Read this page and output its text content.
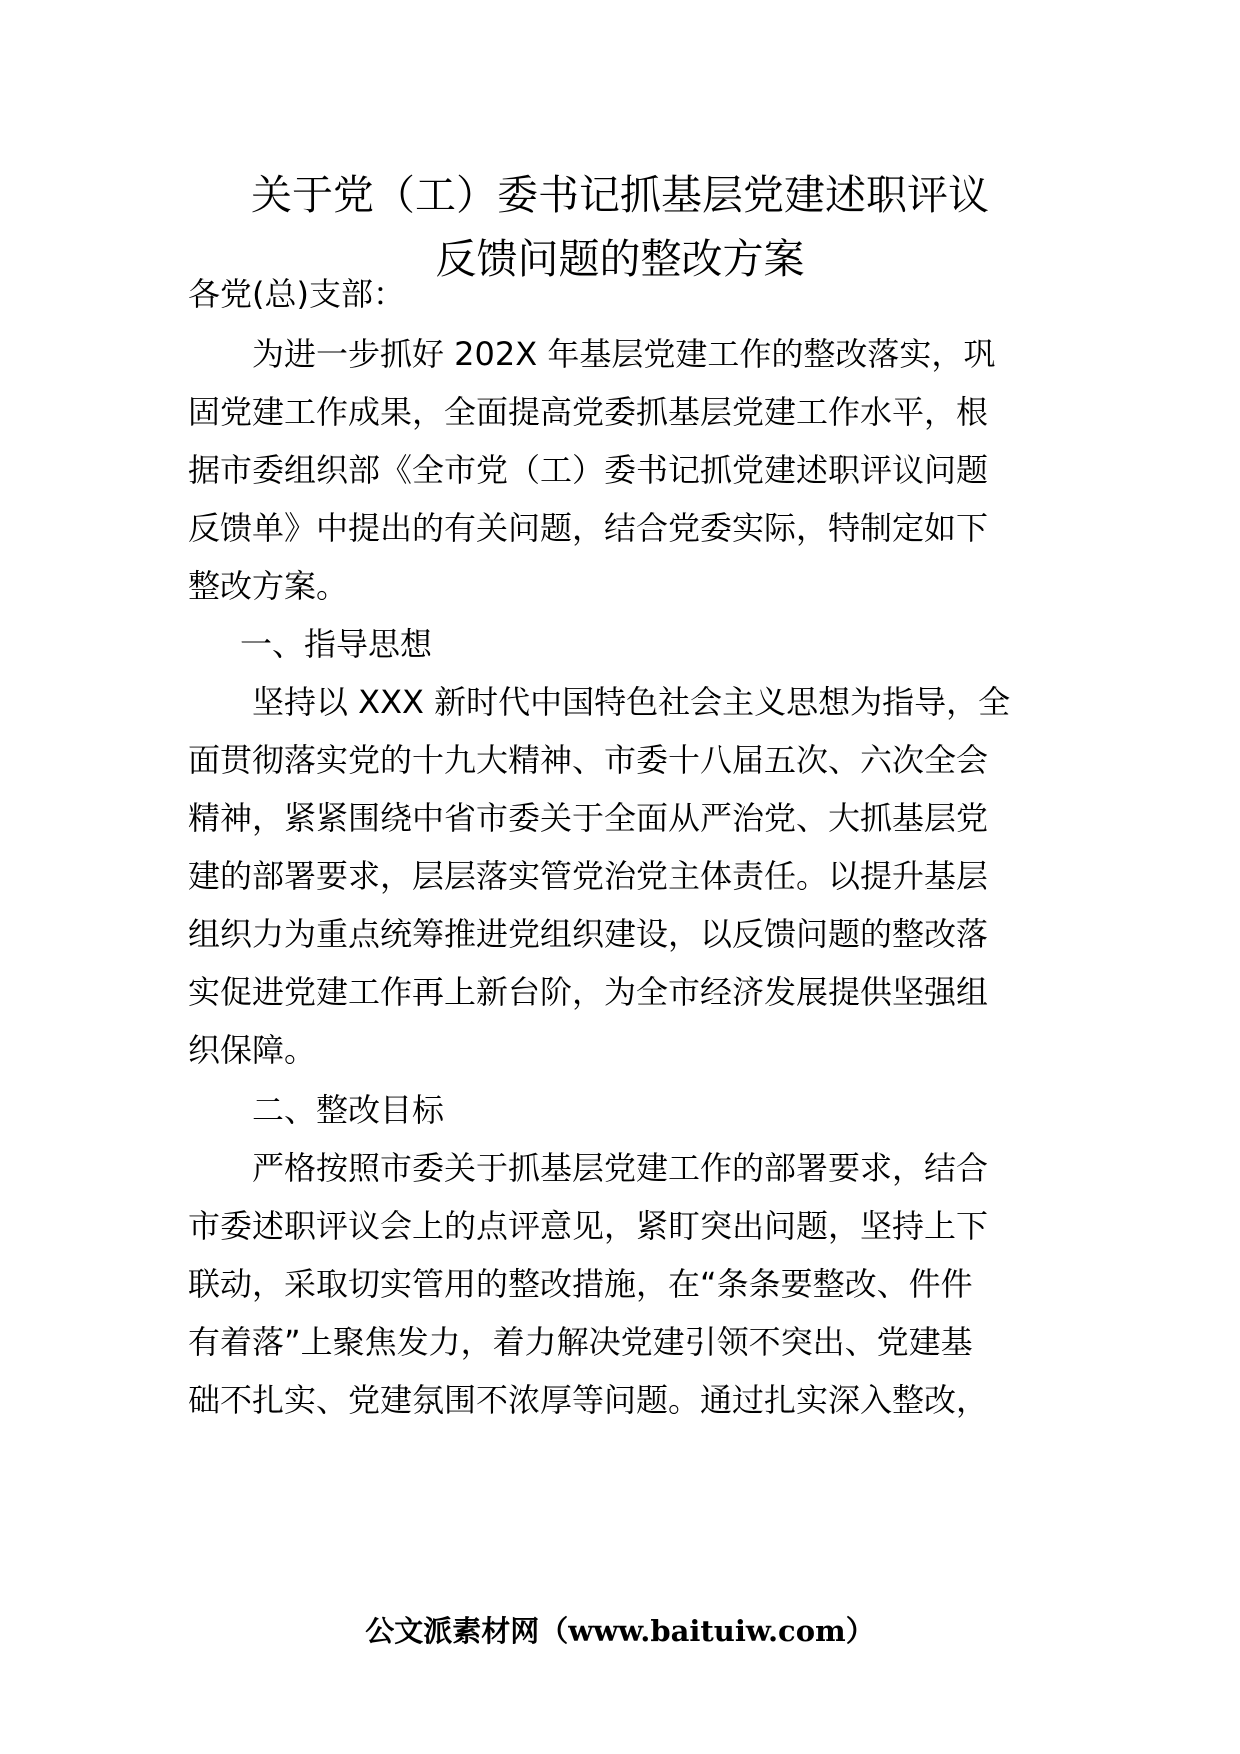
关于党（工）委书记抓基层党建述职评议
反馈问题的整改方案

各党(总)支部：

为进一步抓好 202X 年基层党建工作的整改落实，巩

固党建工作成果，全面提高党委抓基层党建工作水平，根

据市委组织部《全市党（工）委书记抓党建述职评议问题

反馈单》中提出的有关问题，结合党委实际，特制定如下

整改方案。

一、指导思想

坚持以 XXX 新时代中国特色社会主义思想为指导，全

面贯彻落实党的十九大精神、市委十八届五次、六次全会

精神，紧紧围绕中省市委关于全面从严治党、大抓基层党

建的部署要求，层层落实管党治党主体责任。以提升基层

组织力为重点统筹推进党组织建设，以反馈问题的整改落

实促进党建工作再上新台阶，为全市经济发展提供坚强组

织保障。

二、整改目标

严格按照市委关于抓基层党建工作的部署要求，结合

市委述职评议会上的点评意见，紧盯突出问题，坚持上下

联动，采取切实管用的整改措施，在“条条要整改、件件

有着落”上聚焦发力，着力解决党建引领不突出、党建基

础不扎实、党建氛围不浓厚等问题。通过扎实深入整改，

公文派素材网（www.baituiw.com）
